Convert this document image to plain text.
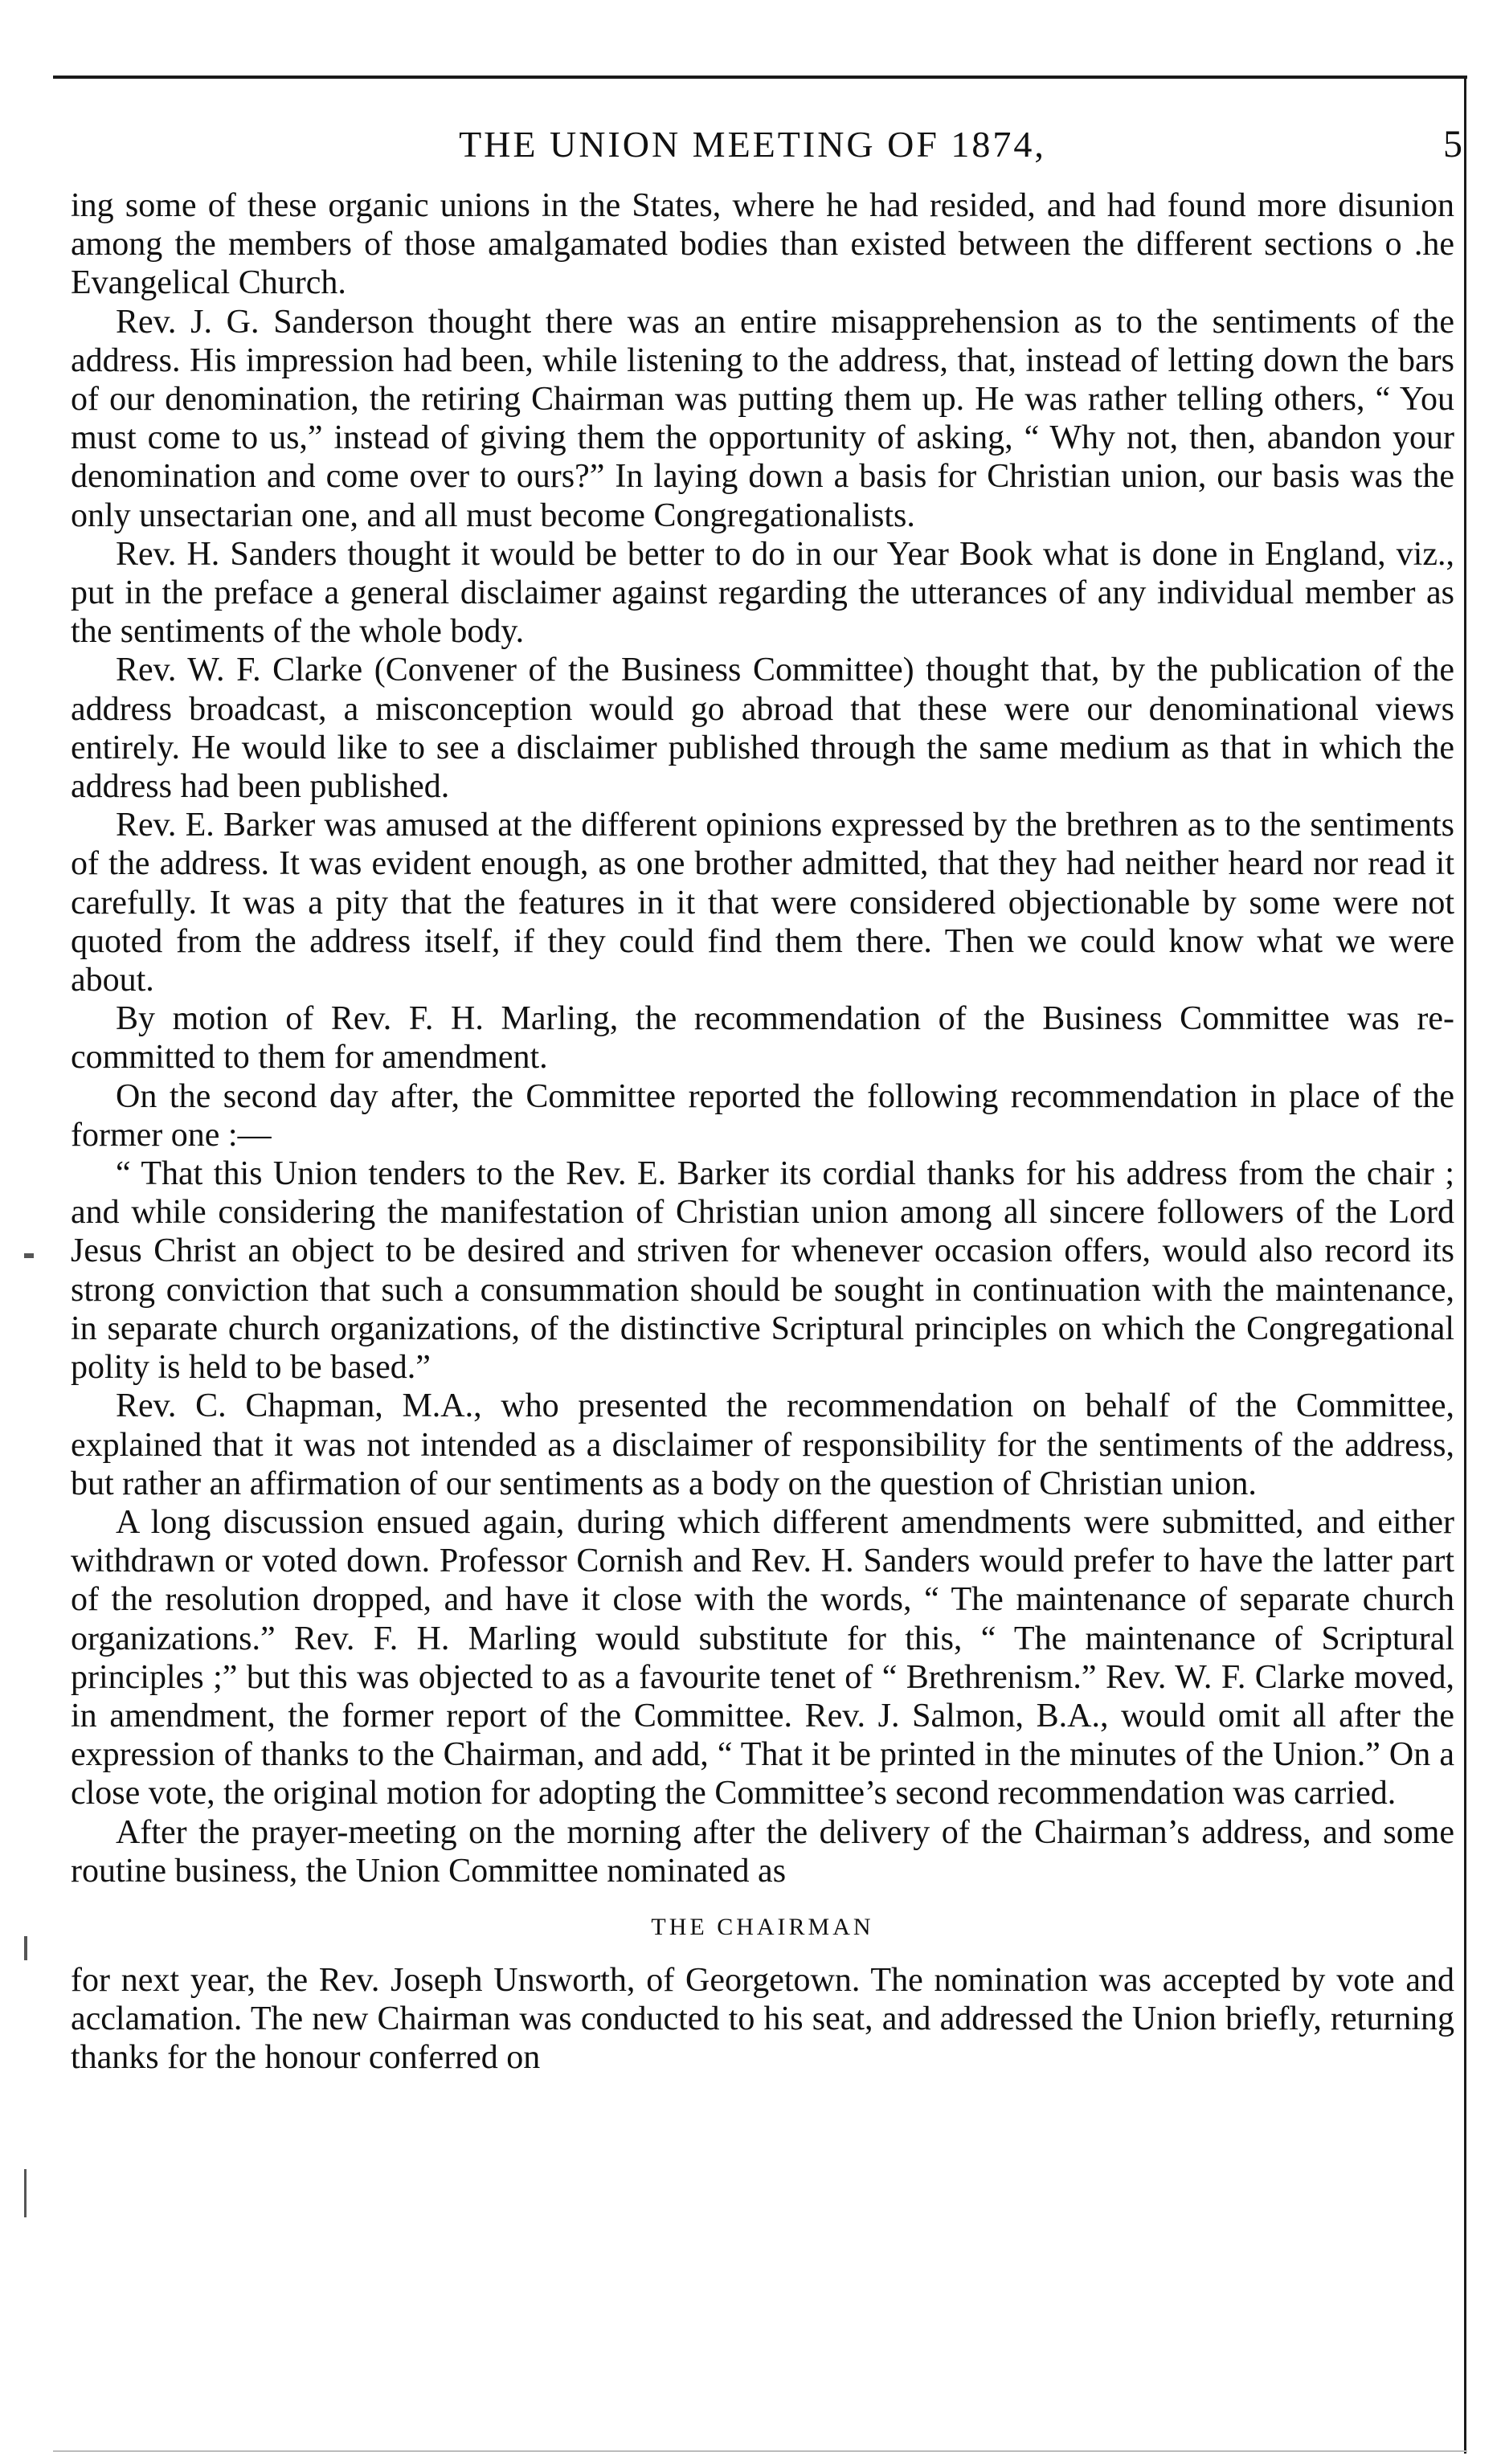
THE UNION MEETING OF 1874,	5

ing some of these organic unions in the States, where he had resided, and had found more disunion among the members of those amalgamated bodies than existed between the different sections o .he Evangelical Church.

Rev. J. G. Sanderson thought there was an entire misapprehension as to the sentiments of the address. His impression had been, while listening to the address, that, instead of letting down the bars of our denomination, the retiring Chairman was putting them up. He was rather telling others, “ You must come to us,” instead of giving them the opportunity of asking, “ Why not, then, abandon your denomination and come over to ours?” In laying down a basis for Christian union, our basis was the only unsectarian one, and all must become Congregationalists.

Rev. H. Sanders thought it would be better to do in our Year Book what is done in England, viz., put in the preface a general disclaimer against regarding the utterances of any individual member as the sentiments of the whole body.

Rev. W. F. Clarke (Convener of the Business Committee) thought that, by the publication of the address broadcast, a misconception would go abroad that these were our denominational views entirely. He would like to see a disclaimer published through the same medium as that in which the address had been published.

Rev. E. Barker was amused at the different opinions expressed by the brethren as to the sentiments of the address. It was evident enough, as one brother admitted, that they had neither heard nor read it carefully. It was a pity that the features in it that were considered objectionable by some were not quoted from the address itself, if they could find them there. Then we could know what we were about.

By motion of Rev. F. H. Marling, the recommendation of the Business Committee was re-committed to them for amendment.

On the second day after, the Committee reported the following recommendation in place of the former one :—

“ That this Union tenders to the Rev. E. Barker its cordial thanks for his address from the chair ; and while considering the manifestation of Christian union among all sincere followers of the Lord Jesus Christ an object to be desired and striven for whenever occasion offers, would also record its strong conviction that such a consummation should be sought in continuation with the maintenance, in separate church organizations, of the distinctive Scriptural principles on which the Congregational polity is held to be based.”

Rev. C. Chapman, M.A., who presented the recommendation on behalf of the Committee, explained that it was not intended as a disclaimer of responsibility for the sentiments of the address, but rather an affirmation of our sentiments as a body on the question of Christian union.

A long discussion ensued again, during which different amendments were submitted, and either withdrawn or voted down. Professor Cornish and Rev. H. Sanders would prefer to have the latter part of the resolution dropped, and have it close with the words, “ The maintenance of separate church organizations.” Rev. F. H. Marling would substitute for this, “ The maintenance of Scriptural principles ;” but this was objected to as a favourite tenet of “ Brethrenism.” Rev. W. F. Clarke moved, in amendment, the former report of the Committee. Rev. J. Salmon, B.A., would omit all after the expression of thanks to the Chairman, and add, “ That it be printed in the minutes of the Union.” On a close vote, the original motion for adopting the Committee’s second recommendation was carried.

After the prayer-meeting on the morning after the delivery of the Chairman’s address, and some routine business, the Union Committee nominated as

THE CHAIRMAN

for next year, the Rev. Joseph Unsworth, of Georgetown. The nomination was accepted by vote and acclamation. The new Chairman was conducted to his seat, and addressed the Union briefly, returning thanks for the honour conferred on
